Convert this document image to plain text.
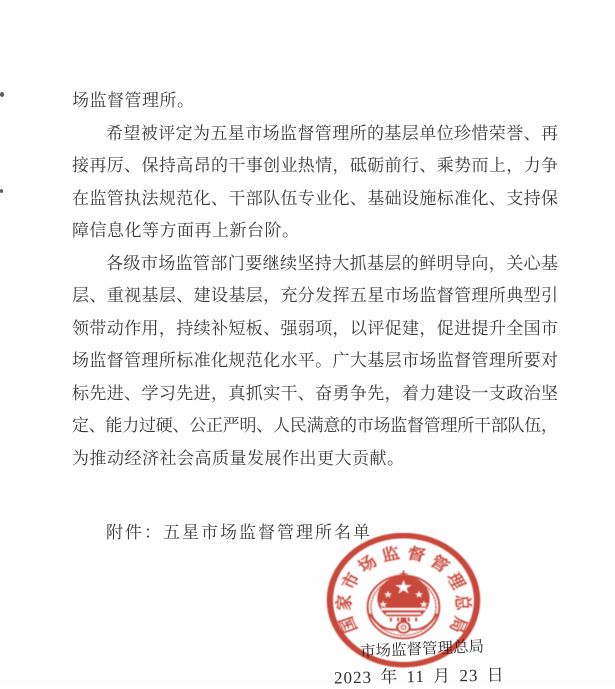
场监督管理所。
希望被评定为五星市场监督管理所的基层单位珍惜荣誉、再
接再厉、保持高昂的干事创业热情，砥砺前行、乘势而上，力争
在监管执法规范化、干部队伍专业化、基础设施标准化、支持保
障信息化等方面再上新台阶。
各级市场监管部门要继续坚持大抓基层的鲜明导向，关心基
层、重视基层、建设基层，充分发挥五星市场监督管理所典型引
领带动作用，持续补短板、强弱项，以评促建，促进提升全国市
场监督管理所标准化规范化水平。广大基层市场监督管理所要对
标先进、学习先进，真抓实干、奋勇争先，着力建设一支政治坚
定、能力过硬、公正严明、人民满意的市场监督管理所干部队伍，
为推动经济社会高质量发展作出更大贡献。
附件：五星市场监督管理所名单
市场监督管理总局
2023 年 11 月 23 日
国
家
市
场
监 督
管
理
总
局
